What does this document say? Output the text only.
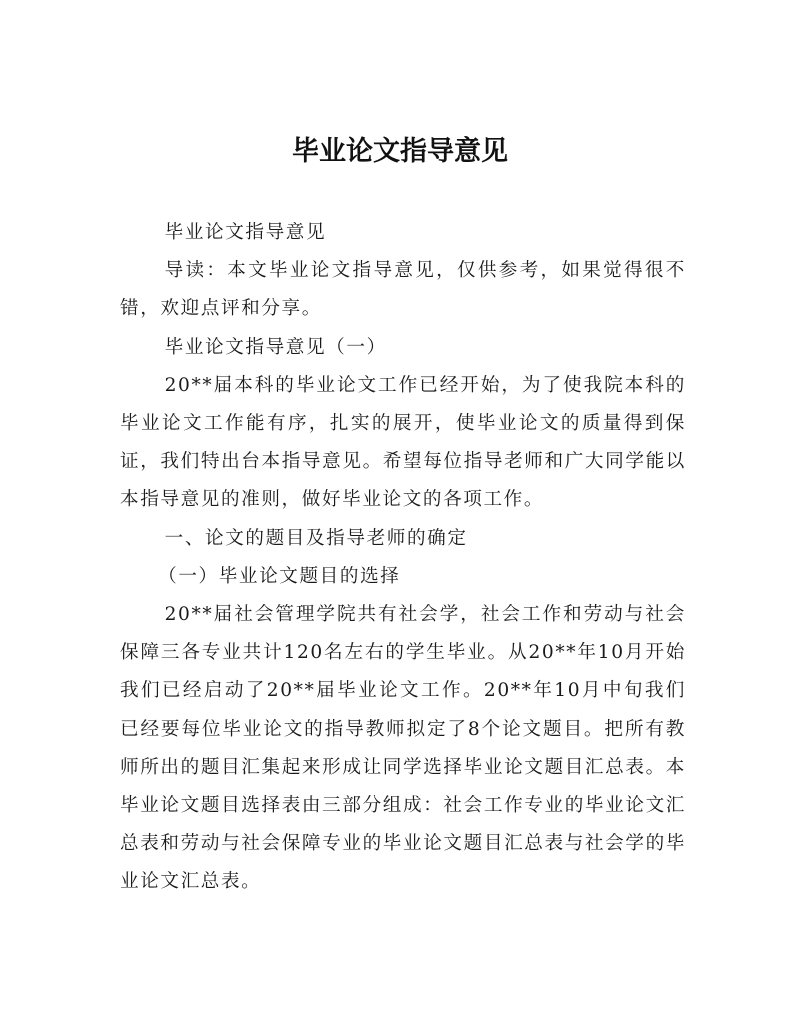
毕业论文指导意见

毕业论文指导意见

导读：本文毕业论文指导意见，仅供参考，如果觉得很不错，欢迎点评和分享。

毕业论文指导意见（一）

20**届本科的毕业论文工作已经开始，为了使我院本科的毕业论文工作能有序，扎实的展开，使毕业论文的质量得到保证，我们特出台本指导意见。希望每位指导老师和广大同学能以本指导意见的准则，做好毕业论文的各项工作。

一、论文的题目及指导老师的确定

（一）毕业论文题目的选择

20**届社会管理学院共有社会学，社会工作和劳动与社会保障三各专业共计120名左右的学生毕业。从20**年10月开始我们已经启动了20**届毕业论文工作。20**年10月中旬我们已经要每位毕业论文的指导教师拟定了8个论文题目。把所有教师所出的题目汇集起来形成让同学选择毕业论文题目汇总表。本毕业论文题目选择表由三部分组成：社会工作专业的毕业论文汇总表和劳动与社会保障专业的毕业论文题目汇总表与社会学的毕业论文汇总表。
